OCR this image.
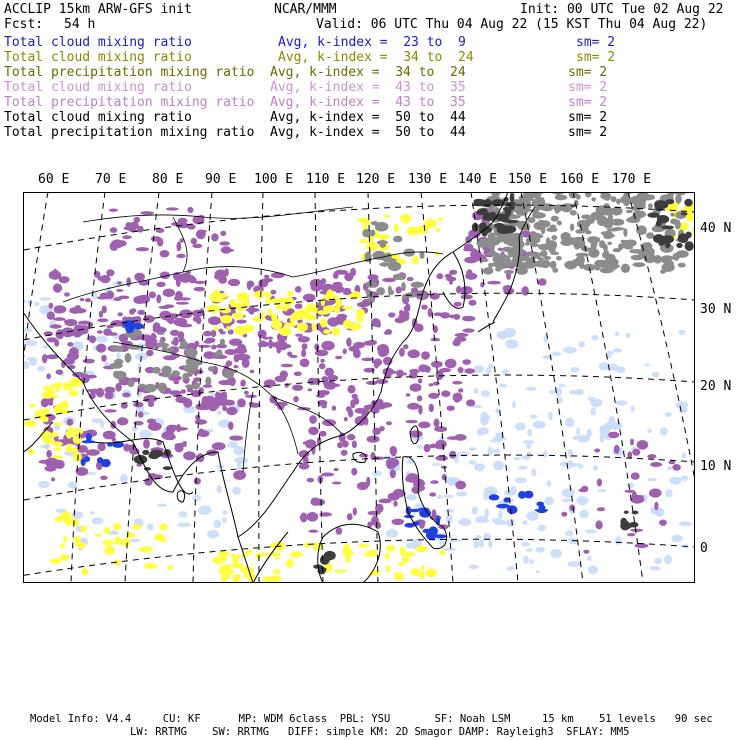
ACCLIP 15km ARW-GFS init	NCAR/MMM	Init: 00 UTC Tue 02 Aug 22
Fcst: 54 h	Valid: 06 UTC Thu 04 Aug 22 (15 KST Thu 04 Aug 22)
Total cloud mixing ratio	Avg, k-index =  23 to  9	sm= 2
Total cloud mixing ratio	Avg, k-index =  34 to  24	sm= 2
Total precipitation mixing ratio Avg, k-index =  34 to  24	sm= 2
Total cloud mixing ratio	Avg, k-index =  43 to  35	sm= 2
Total precipitation mixing ratio Avg, k-index =  43 to  35	sm= 2
Total cloud mixing ratio	Avg, k-index =  50 to  44	sm= 2
Total precipitation mixing ratio Avg, k-index =  50 to  44	sm= 2
60 E 70 E 80 E 90 E 100 E 110 E 120 E 130 E 140 E 150 E 160 E 170 E
40 N
30 N
20 N
10 N
0
Model Info: V4.4     CU: KF      MP: WDM 6class  PBL: YSU       SF: Noah LSM     15 km    51 levels   90 sec
LW: RRTMG    SW: RRTMG   DIFF: simple KM: 2D Smagor DAMP: Rayleigh3  SFLAY: MM5
